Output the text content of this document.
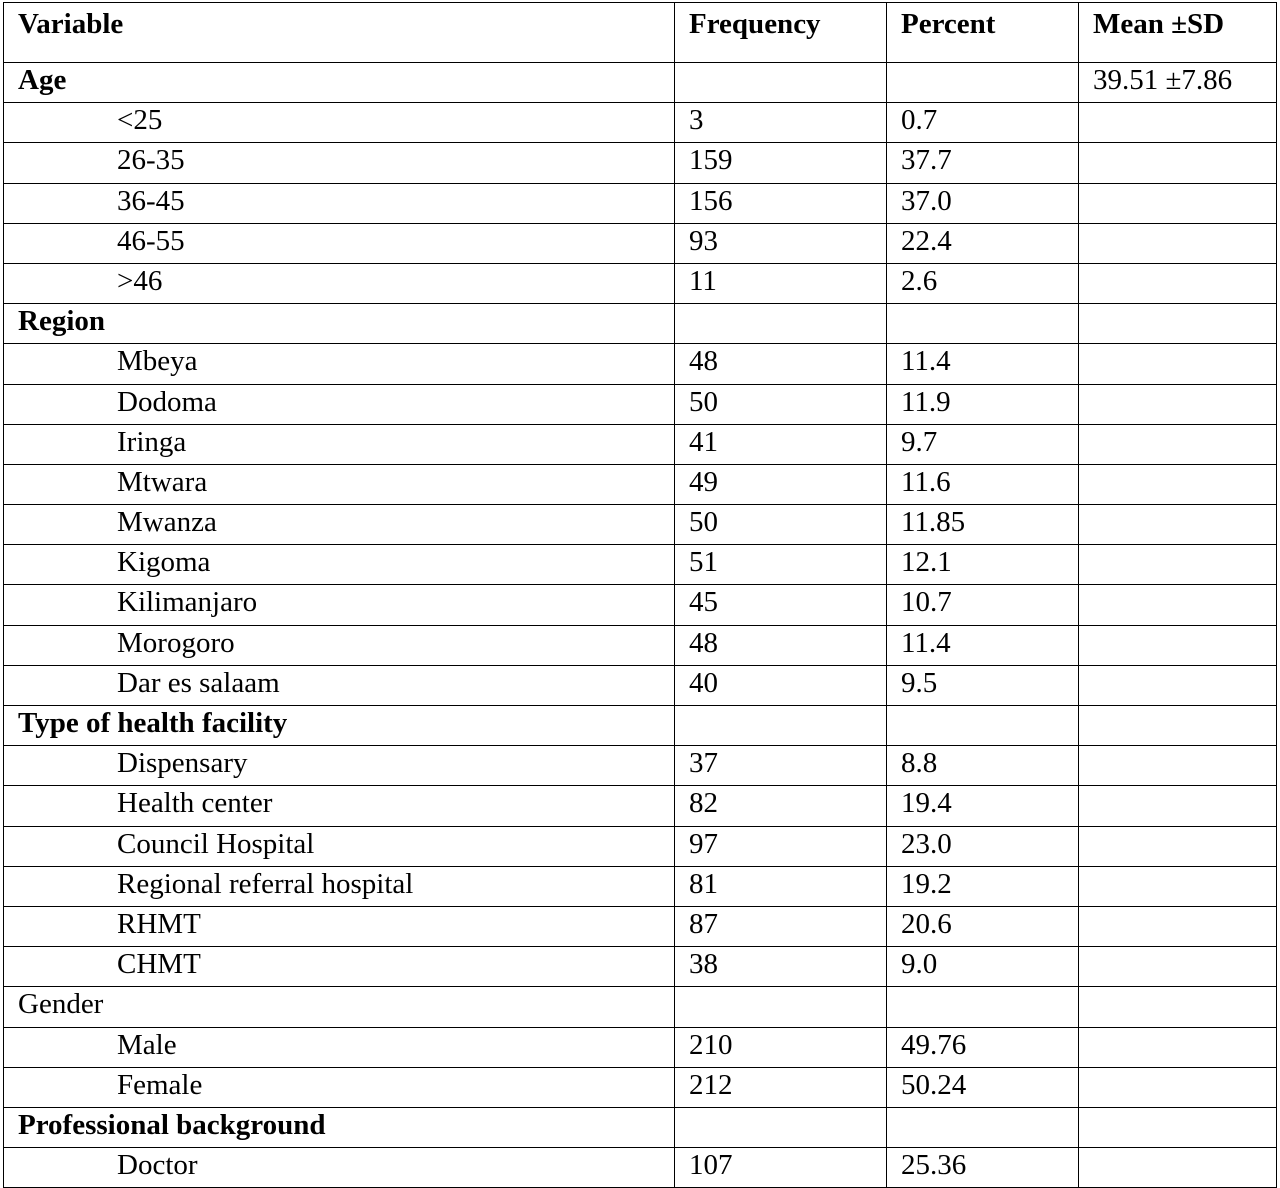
Variable	Frequency	Percent	Mean ±SD
Age			39.51 ±7.86
<25	3	0.7	
26-35	159	37.7	
36-45	156	37.0	
46-55	93	22.4	
>46	11	2.6	
Region			
Mbeya	48	11.4	
Dodoma	50	11.9	
Iringa	41	9.7	
Mtwara	49	11.6	
Mwanza	50	11.85	
Kigoma	51	12.1	
Kilimanjaro	45	10.7	
Morogoro	48	11.4	
Dar es salaam	40	9.5	
Type of health facility			
Dispensary	37	8.8	
Health center	82	19.4	
Council Hospital	97	23.0	
Regional referral hospital	81	19.2	
RHMT	87	20.6	
CHMT	38	9.0	
Gender			
Male	210	49.76	
Female	212	50.24	
Professional background			
Doctor	107	25.36	
